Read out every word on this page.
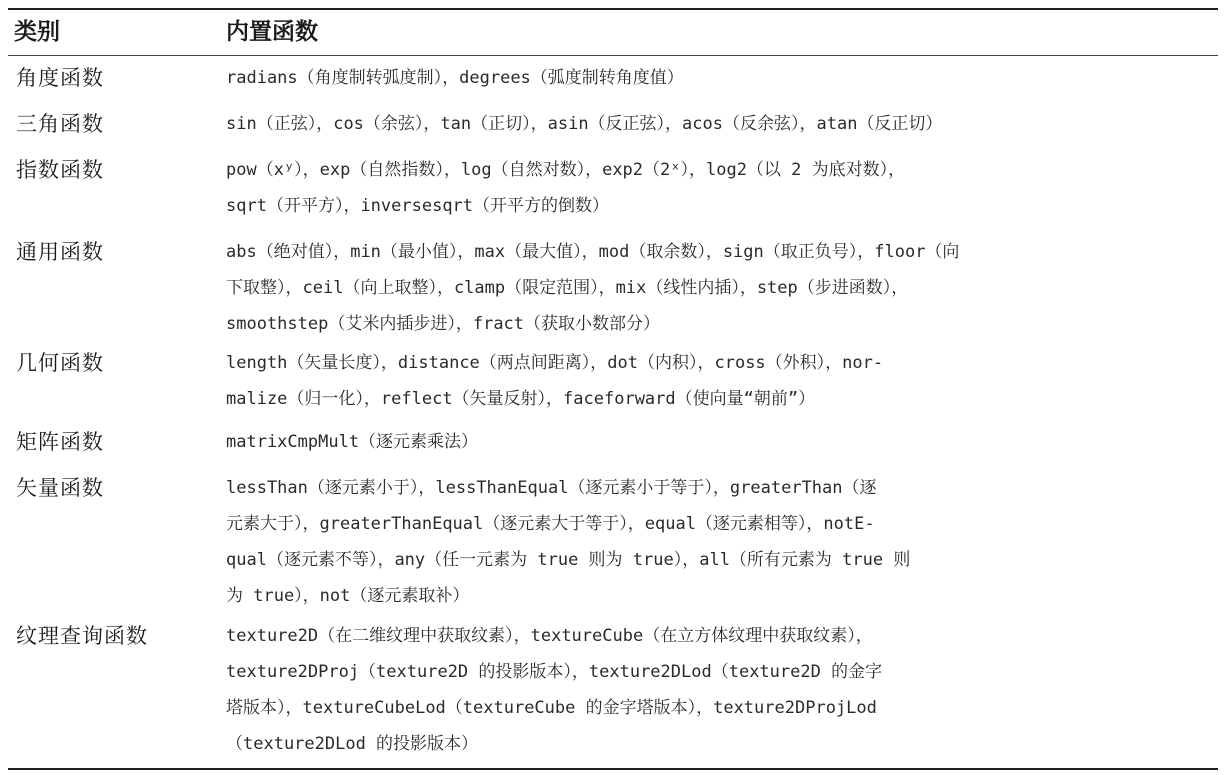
类别	内置函数
角度函数	radians（角度制转弧度制），degrees（弧度制转角度值）
三角函数	sin（正弦），cos（余弦），tan（正切），asin（反正弦），acos（反余弦），atan（反正切）
指数函数	pow（xʸ），exp（自然指数），log（自然对数），exp2（2ˣ），log2（以 2 为底对数），
sqrt（开平方），inversesqrt（开平方的倒数）
通用函数	abs（绝对值），min（最小值），max（最大值），mod（取余数），sign（取正负号），floor（向
下取整），ceil（向上取整），clamp（限定范围），mix（线性内插），step（步进函数），
smoothstep（艾米内插步进），fract（获取小数部分）
几何函数	length（矢量长度），distance（两点间距离），dot（内积），cross（外积），nor-
malize（归一化），reflect（矢量反射），faceforward（使向量“朝前”）
矩阵函数	matrixCmpMult（逐元素乘法）
矢量函数	lessThan（逐元素小于），lessThanEqual（逐元素小于等于），greaterThan（逐
元素大于），greaterThanEqual（逐元素大于等于），equal（逐元素相等），notE-
qual（逐元素不等），any（任一元素为 true 则为 true），all（所有元素为 true 则
为 true），not（逐元素取补）
纹理查询函数	texture2D（在二维纹理中获取纹素），textureCube（在立方体纹理中获取纹素），
texture2DProj（texture2D 的投影版本），texture2DLod（texture2D 的金字
塔版本），textureCubeLod（textureCube 的金字塔版本），texture2DProjLod
（texture2DLod 的投影版本）
